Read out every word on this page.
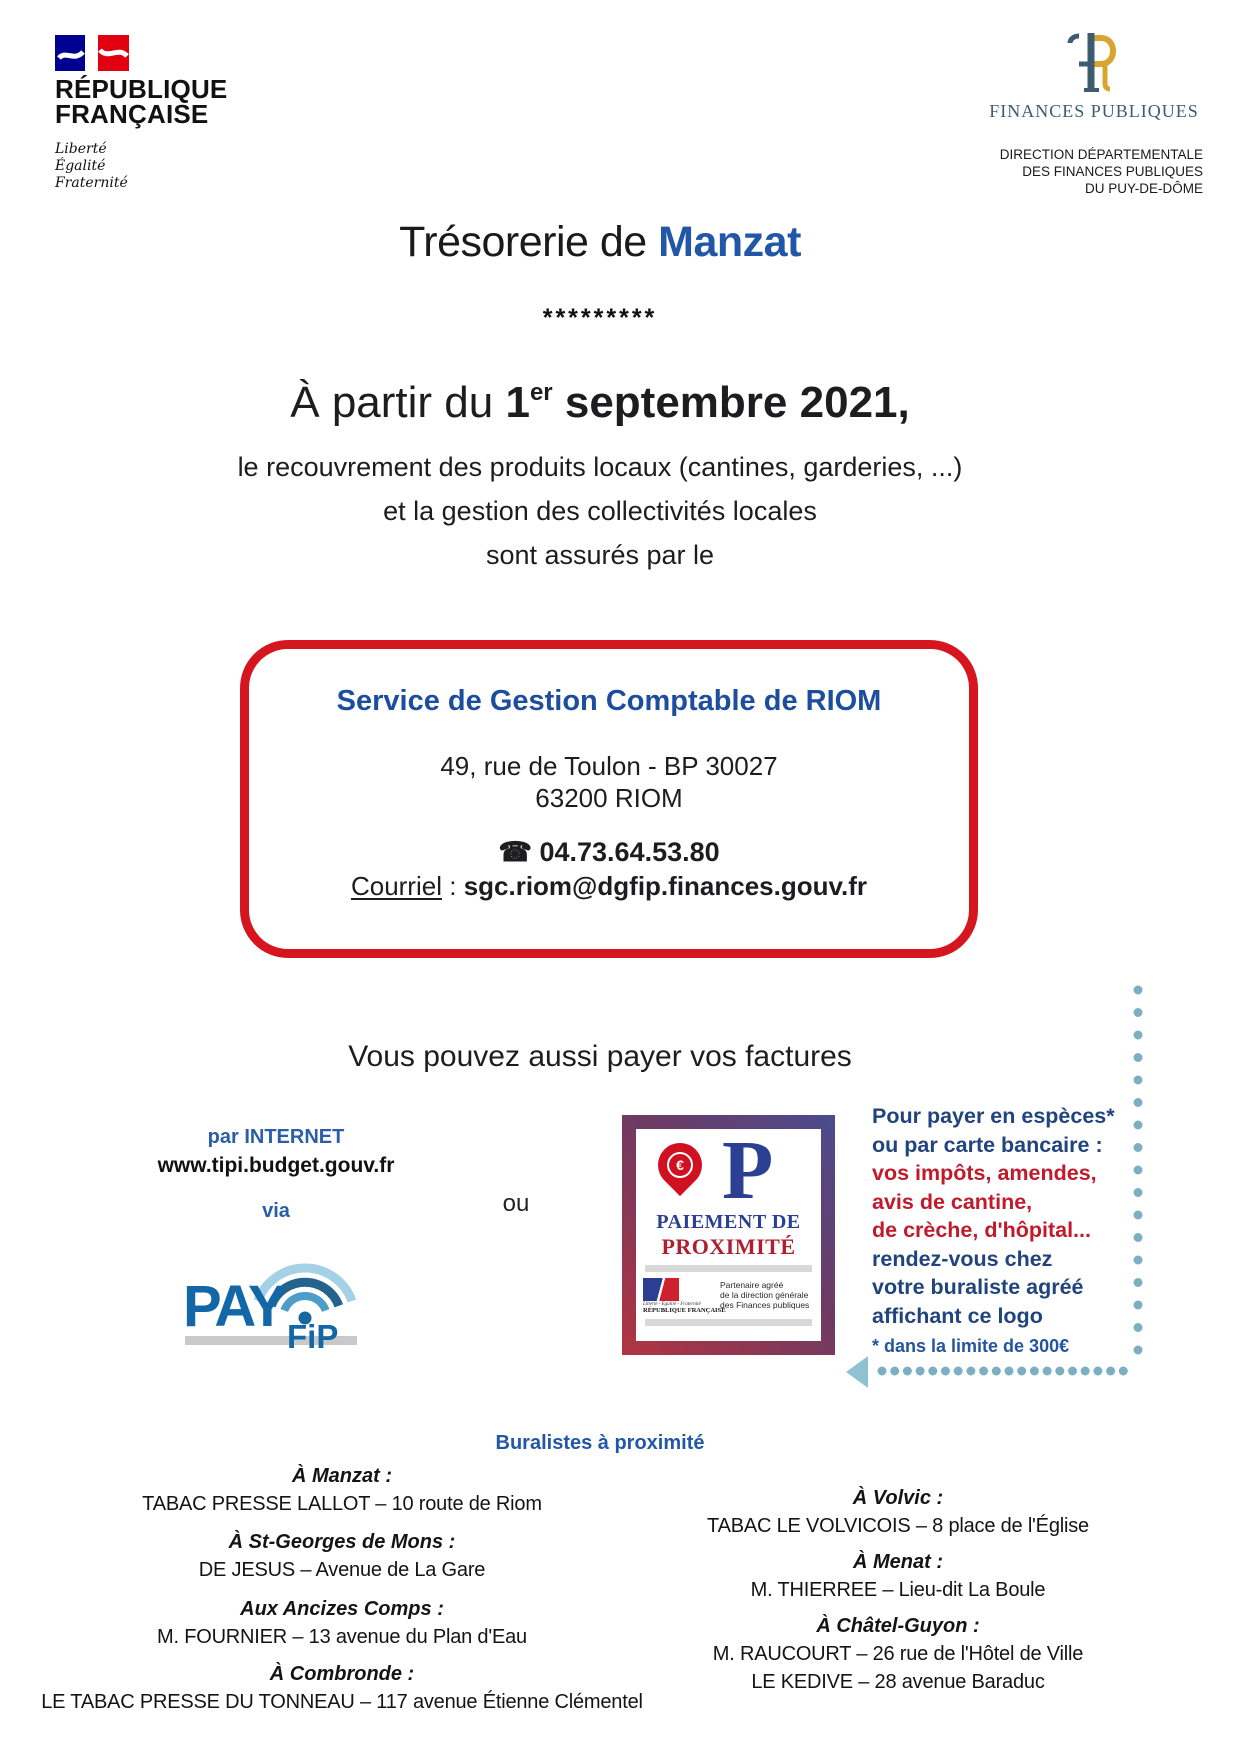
RÉPUBLIQUE
FRANÇAISE
Liberté
Égalité
Fraternité
FINANCES PUBLIQUES
DIRECTION DÉPARTEMENTALE
DES FINANCES PUBLIQUES
DU PUY-DE-DÔME
Trésorerie de Manzat
*********
À partir du 1er septembre 2021,
le recouvrement des produits locaux (cantines, garderies, ...)
et la gestion des collectivités locales
sont assurés par le
Service de Gestion Comptable de RIOM
49, rue de Toulon - BP 30027
63200 RIOM
☎ 04.73.64.53.80
Courriel : sgc.riom@dgfip.finances.gouv.fr
Vous pouvez aussi payer vos factures
par INTERNET
www.tipi.budget.gouv.fr
via	ou
PAY FiP
P
€
PAIEMENT DE
PROXIMITÉ
Liberté - Égalité - Fraternité
RÉPUBLIQUE FRANÇAISE
Partenaire agréé
de la direction générale
des Finances publiques
Pour payer en espèces*
ou par carte bancaire :
vos impôts, amendes,
avis de cantine,
de crèche, d'hôpital...
rendez-vous chez
votre buraliste agréé
affichant ce logo
* dans la limite de 300€
Buralistes à proximité
À Manzat :
TABAC PRESSE LALLOT – 10 route de Riom
À St-Georges de Mons :
DE JESUS – Avenue de La Gare
Aux Ancizes Comps :
M. FOURNIER – 13 avenue du Plan d'Eau
À Combronde :
LE TABAC PRESSE DU TONNEAU – 117 avenue Étienne Clémentel
À Volvic :
TABAC LE VOLVICOIS – 8 place de l'Église
À Menat :
M. THIERREE – Lieu-dit La Boule
À Châtel-Guyon :
M. RAUCOURT – 26 rue de l'Hôtel de Ville
LE KEDIVE – 28 avenue Baraduc
